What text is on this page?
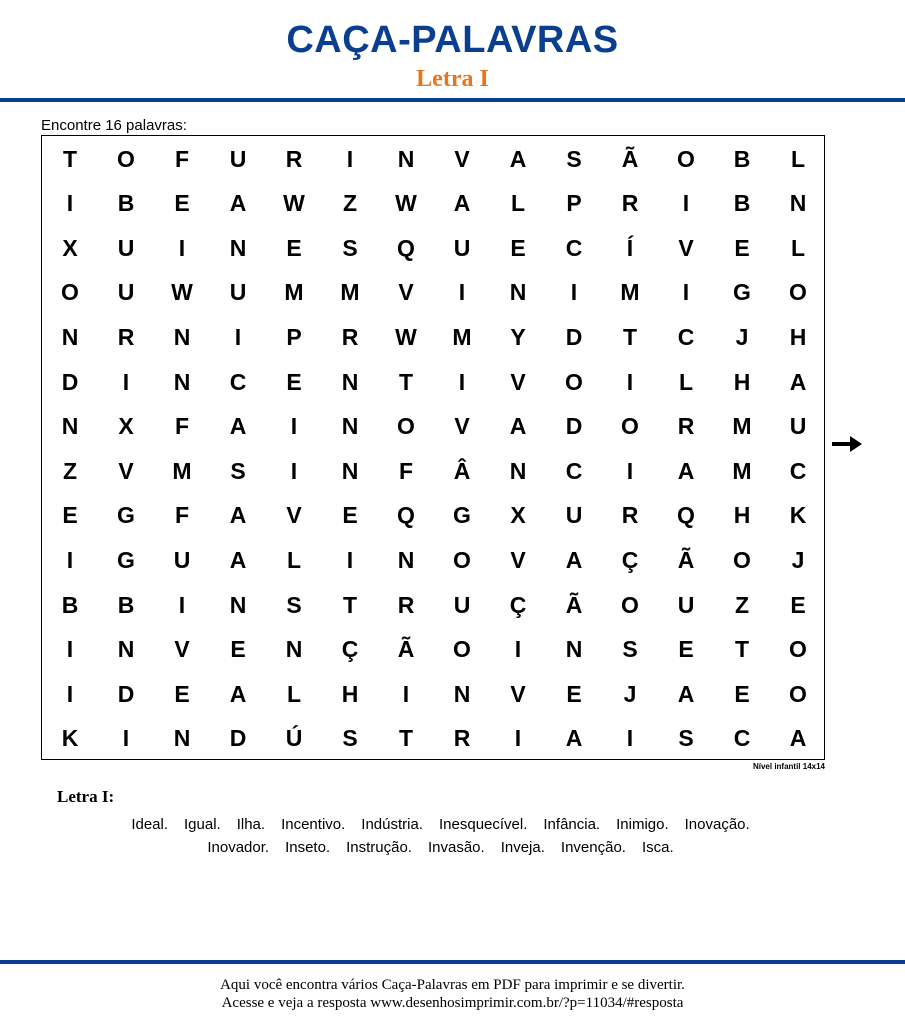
CAÇA-PALAVRAS
Letra I
Encontre 16 palavras:
T	O	F	U	R	I	N	V	A	S	Ã	O	B	L
I	B	E	A	W	Z	W	A	L	P	R	I	B	N
X	U	I	N	E	S	Q	U	E	C	Í	V	E	L
O	U	W	U	M	M	V	I	N	I	M	I	G	O
N	R	N	I	P	R	W	M	Y	D	T	C	J	H
D	I	N	C	E	N	T	I	V	O	I	L	H	A
N	X	F	A	I	N	O	V	A	D	O	R	M	U
Z	V	M	S	I	N	F	Â	N	C	I	A	M	C
E	G	F	A	V	E	Q	G	X	U	R	Q	H	K
I	G	U	A	L	I	N	O	V	A	Ç	Ã	O	J
B	B	I	N	S	T	R	U	Ç	Ã	O	U	Z	E
I	N	V	E	N	Ç	Ã	O	I	N	S	E	T	O
I	D	E	A	L	H	I	N	V	E	J	A	E	O
K	I	N	D	Ú	S	T	R	I	A	I	S	C	A
Nível infantil 14x14
Letra I:
Ideal. Igual. Ilha. Incentivo. Indústria. Inesquecível. Infância. Inimigo. Inovação.
Inovador. Inseto. Instrução. Invasão. Inveja. Invenção. Isca.
Aqui você encontra vários Caça-Palavras em PDF para imprimir e se divertir.
Acesse e veja a resposta www.desenhosimprimir.com.br/?p=11034/#resposta
